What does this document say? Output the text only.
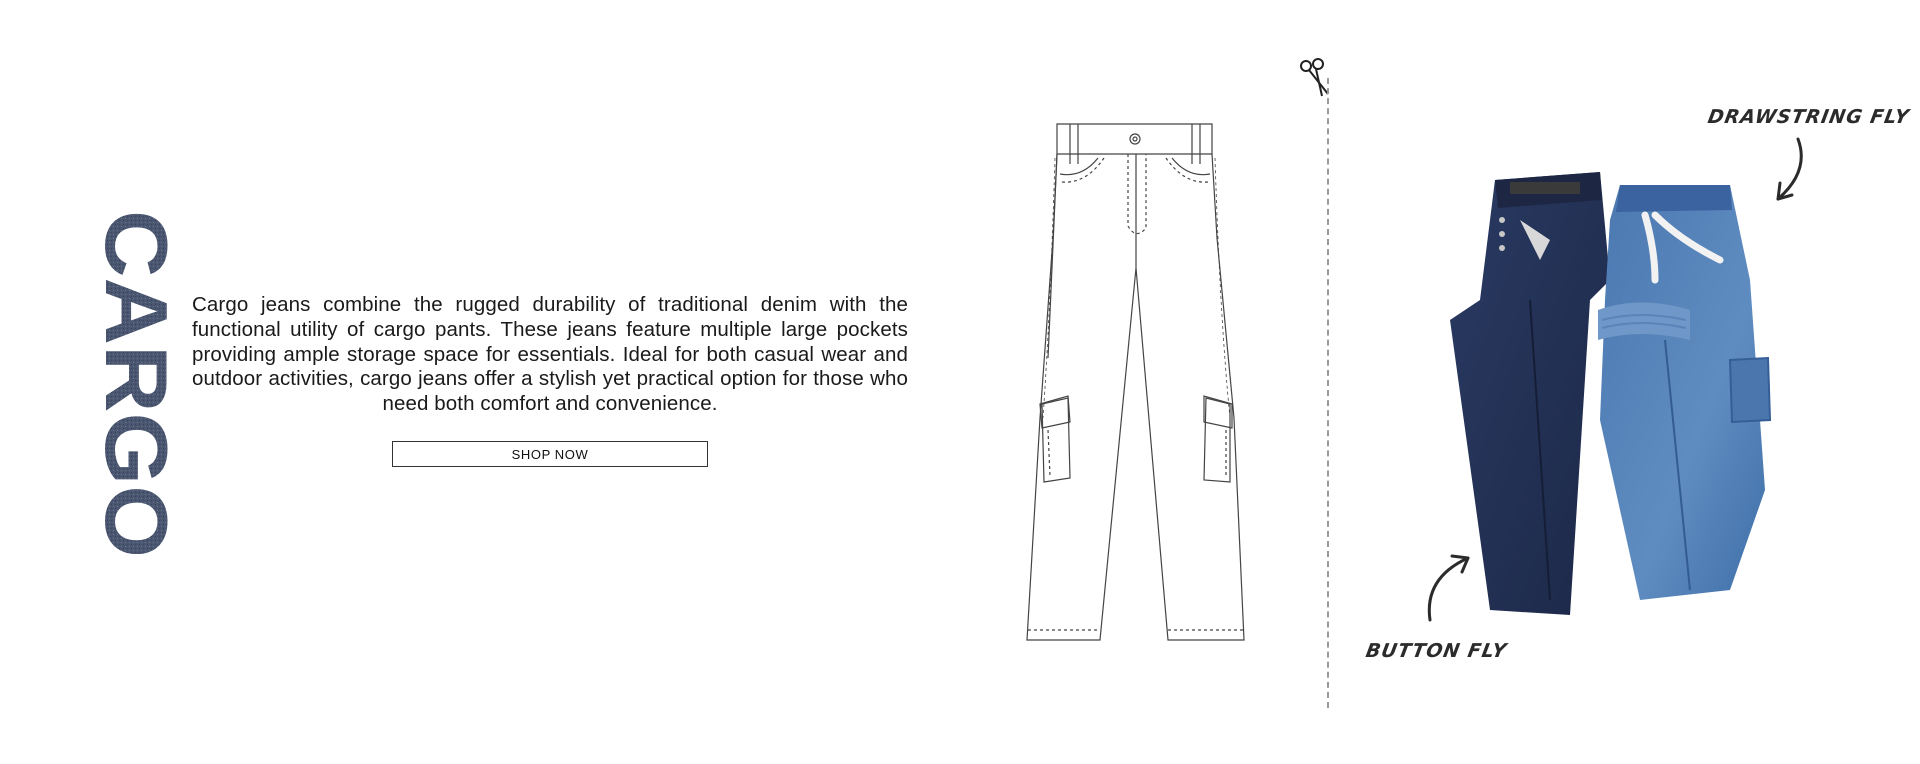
CARGO Cargo jeans combine the rugged durability of traditional denim with the functional utility of cargo pants. These jeans feature multiple large pockets providing ample storage space for essentials. Ideal for both casual wear and outdoor activities, cargo jeans offer a stylish yet practical option for those who need both comfort and convenience.

SHOP NOW
DRAWSTRING FLY
BUTTON FLY
